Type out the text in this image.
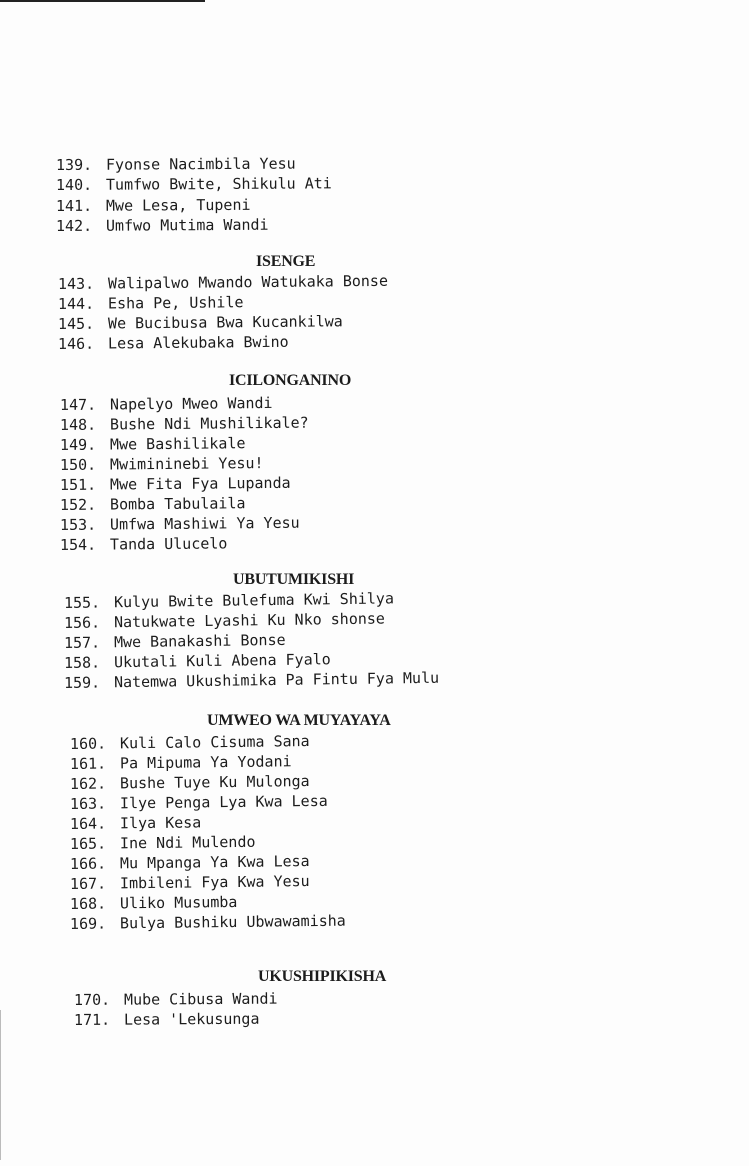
139. Fyonse Nacimbila Yesu
140. Tumfwo Bwite, Shikulu Ati
141. Mwe Lesa, Tupeni
142. Umfwo Mutima Wandi
ISENGE
143. Walipalwo Mwando Watukaka Bonse
144. Esha Pe, Ushile
145. We Bucibusa Bwa Kucankilwa
146. Lesa Alekubaka Bwino
ICILONGANINO
147. Napelyo Mweo Wandi
148. Bushe Ndi Mushilikale?
149. Mwe Bashilikale
150. Mwimininebi Yesu!
151. Mwe Fita Fya Lupanda
152. Bomba Tabulaila
153. Umfwa Mashiwi Ya Yesu
154. Tanda Ulucelo
UBUTUMIKISHI
155. Kulyu Bwite Bulefuma Kwi Shilya
156. Natukwate Lyashi Ku Nko shonse
157. Mwe Banakashi Bonse
158. Ukutali Kuli Abena Fyalo
159. Natemwa Ukushimika Pa Fintu Fya Mulu
UMWEO WA MUYAYAYA
160. Kuli Calo Cisuma Sana
161. Pa Mipuma Ya Yodani
162. Bushe Tuye Ku Mulonga
163. Ilye Penga Lya Kwa Lesa
164. Ilya Kesa
165. Ine Ndi Mulendo
166. Mu Mpanga Ya Kwa Lesa
167. Imbileni Fya Kwa Yesu
168. Uliko Musumba
169. Bulya Bushiku Ubwawamisha
UKUSHIPIKISHA
170. Mube Cibusa Wandi
171. Lesa 'Lekusunga
